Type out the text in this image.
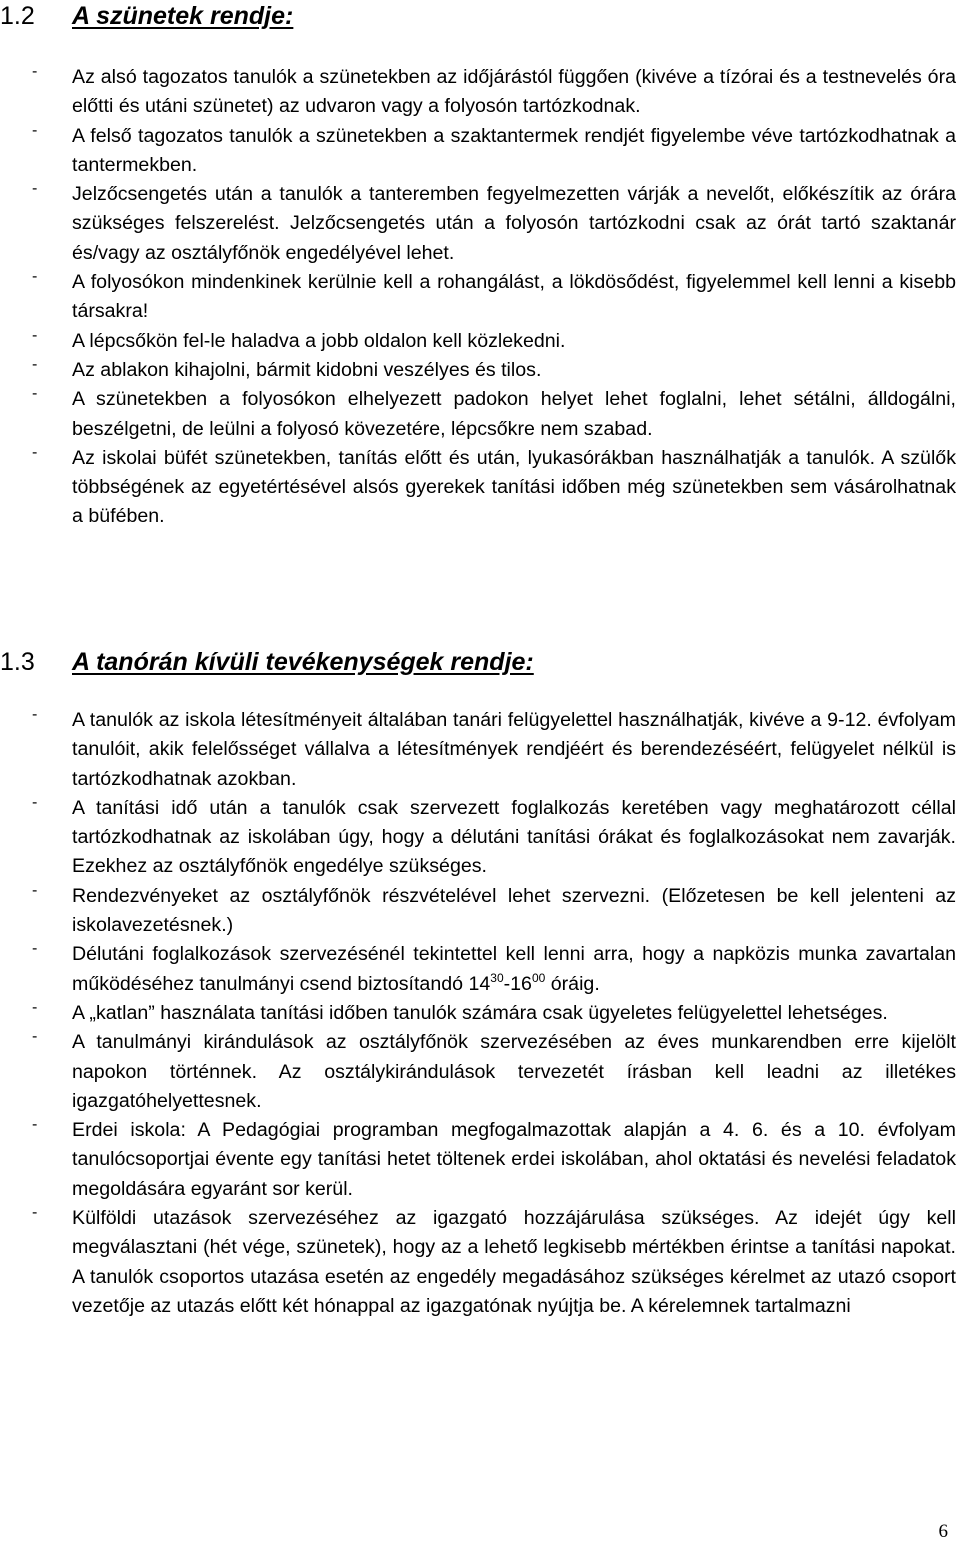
1.2 A szünetek rendje:
- Az alsó tagozatos tanulók a szünetekben az időjárástól függően (kivéve a tízórai és a testnevelés óra előtti és utáni szünetet) az udvaron vagy a folyosón tartózkodnak.

- A felső tagozatos tanulók a szünetekben a szaktantermek rendjét figyelembe véve tartózkodhatnak a tantermekben.

- Jelzőcsengetés után a tanulók a tanteremben fegyelmezetten várják a nevelőt, előkészítik az órára szükséges felszerelést. Jelzőcsengetés után a folyosón tartózkodni csak az órát tartó szaktanár és/vagy az osztályfőnök engedélyével lehet.

- A folyosókon mindenkinek kerülnie kell a rohangálást, a lökdösődést, figyelemmel kell lenni a kisebb társakra!

- A lépcsőkön fel-le haladva a jobb oldalon kell közlekedni.

- Az ablakon kihajolni, bármit kidobni veszélyes és tilos.

- A szünetekben a folyosókon elhelyezett padokon helyet lehet foglalni, lehet sétálni, álldogálni, beszélgetni, de leülni a folyosó kövezetére, lépcsőkre nem szabad.

- Az iskolai büfét szünetekben, tanítás előtt és után, lyukasórákban használhatják a tanulók. A szülők többségének az egyetértésével alsós gyerekek tanítási időben még szünetekben sem vásárolhatnak a büfében.

1.3 A tanórán kívüli tevékenységek rendje:
- A tanulók az iskola létesítményeit általában tanári felügyelettel használhatják, kivéve a 9-12. évfolyam tanulóit, akik felelősséget vállalva a létesítmények rendjéért és berendezéséért, felügyelet nélkül is tartózkodhatnak azokban.

- A tanítási idő után a tanulók csak szervezett foglalkozás keretében vagy meghatározott céllal tartózkodhatnak az iskolában úgy, hogy a délutáni tanítási órákat és foglalkozásokat nem zavarják. Ezekhez az osztályfőnök engedélye szükséges.

- Rendezvényeket az osztályfőnök részvételével lehet szervezni. (Előzetesen be kell jelenteni az iskolavezetésnek.)

- Délutáni foglalkozások szervezésénél tekintettel kell lenni arra, hogy a napközis munka zavartalan működéséhez tanulmányi csend biztosítandó $14^{30}-16^{00}$ óráig.

- A „katlan” használata tanítási időben tanulók számára csak ügyeletes felügyelettel lehetséges.

- A tanulmányi kirándulások az osztályfőnök szervezésében az éves munkarendben erre kijelölt napokon történnek. Az osztálykirándulások tervezetét írásban kell leadni az illetékes igazgatóhelyettesnek.

- Erdei iskola: A Pedagógiai programban megfogalmazottak alapján a 4. 6. és a 10. évfolyam tanulócsoportjai évente egy tanítási hetet töltenek erdei iskolában, ahol oktatási és nevelési feladatok megoldására egyaránt sor kerül.

- Külföldi utazások szervezéséhez az igazgató hozzájárulása szükséges. Az idejét úgy kell megválasztani (hét vége, szünetek), hogy az a lehető legkisebb mértékben érintse a tanítási napokat. A tanulók csoportos utazása esetén az engedély megadásához szükséges kérelmet az utazó csoport vezetője az utazás előtt két hónappal az igazgatónak nyújtja be. A kérelemnek tartalmazni

6
